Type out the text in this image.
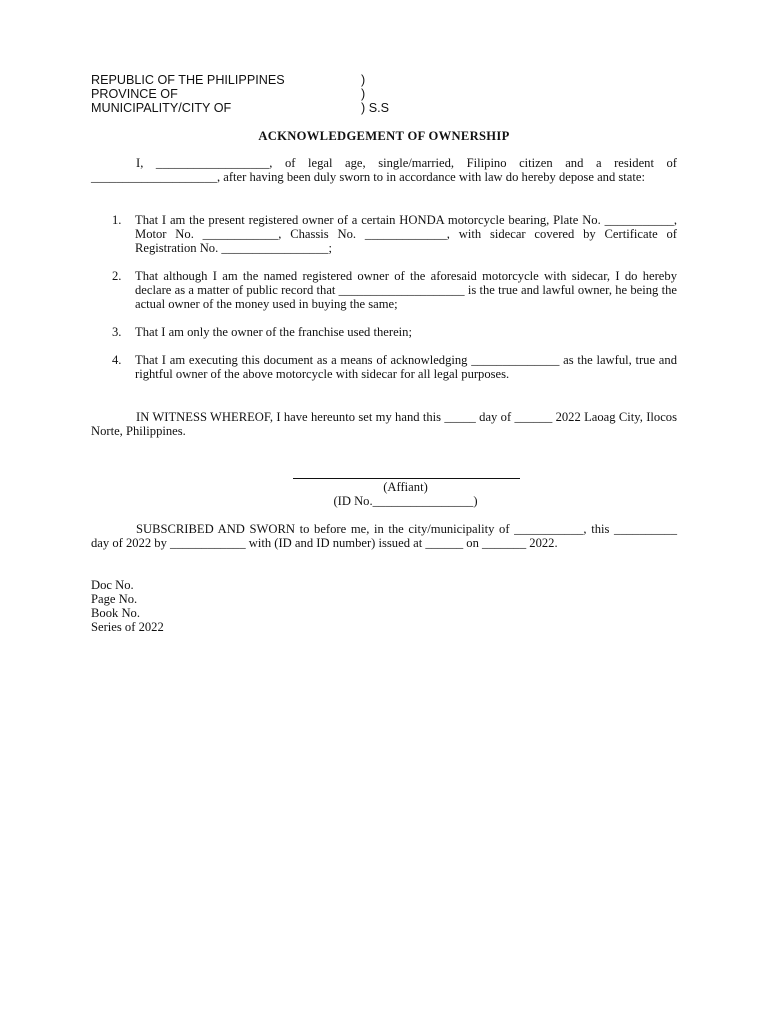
REPUBLIC OF THE PHILIPPINES	)
PROVINCE OF	)
MUNICIPALITY/CITY OF	) S.S
ACKNOWLEDGEMENT OF OWNERSHIP
I, __________________, of legal age, single/married, Filipino citizen and a resident of ____________________, after having been duly sworn to in accordance with law do hereby depose and state:
1. That I am the present registered owner of a certain HONDA motorcycle bearing, Plate No. ___________, Motor No. ____________, Chassis No. _____________, with sidecar covered by Certificate of Registration No. _________________;
2. That although I am the named registered owner of the aforesaid motorcycle with sidecar, I do hereby declare as a matter of public record that ____________________ is the true and lawful owner, he being the actual owner of the money used in buying the same;
3. That I am only the owner of the franchise used therein;
4. That I am executing this document as a means of acknowledging ______________ as the lawful, true and rightful owner of the above motorcycle with sidecar for all legal purposes.
IN WITNESS WHEREOF, I have hereunto set my hand this _____ day of ______ 2022 Laoag City, Ilocos Norte, Philippines.
(Affiant)
(ID No.________________)
SUBSCRIBED AND SWORN to before me, in the city/municipality of ___________, this __________ day of 2022 by ____________ with (ID and ID number) issued at ______ on _______ 2022.
Doc No.
Page No.
Book No.
Series of 2022
